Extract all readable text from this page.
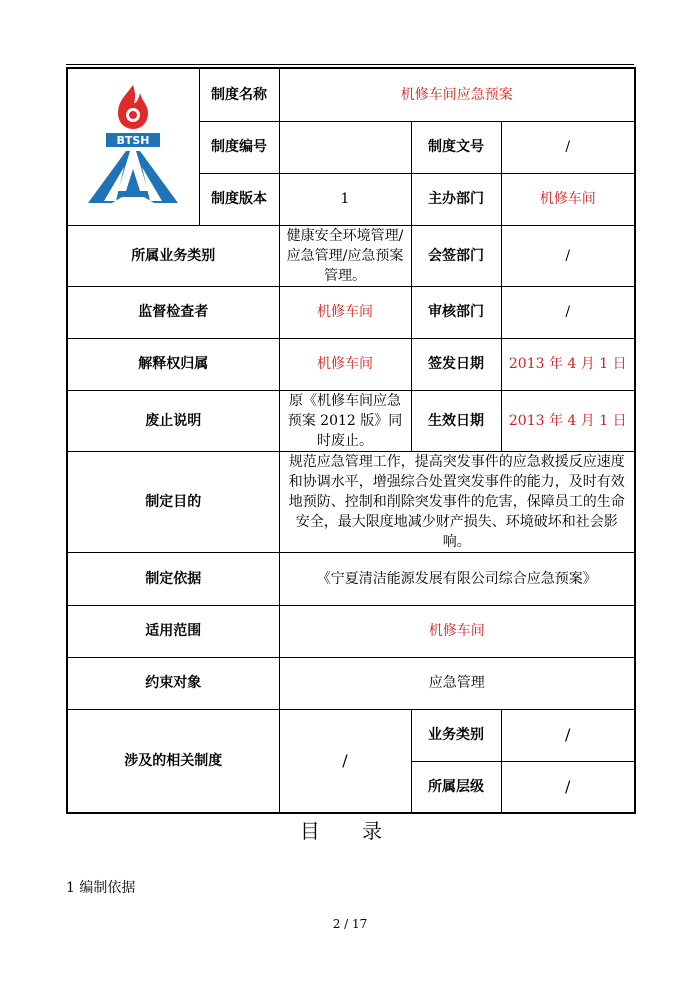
BTSH	制度名称	机修车间应急预案		
	制度编号		制度文号	/
	制度版本	1	主办部门	机修车间
所属业务类别		健康安全环境管理/应急管理/应急预案管理。	会签部门	/
监督检查者		机修车间	审核部门	/
解释权归属		机修车间	签发日期	2013 年 4 月 1 日
废止说明		原《机修车间应急预案 2012 版》同时废止。	生效日期	2013 年 4 月 1 日
制定目的		规范应急管理工作，提高突发事件的应急救援反应速度和协调水平，增强综合处置突发事件的能力，及时有效地预防、控制和削除突发事件的危害，保障员工的生命安全，最大限度地减少财产损失、环境破坏和社会影响。		
制定依据		《宁夏清洁能源发展有限公司综合应急预案》		
适用范围		机修车间		
约束对象		应急管理		
涉及的相关制度		/	业务类别	/
			所属层级	/
目 录
1 编制依据
2 / 17
